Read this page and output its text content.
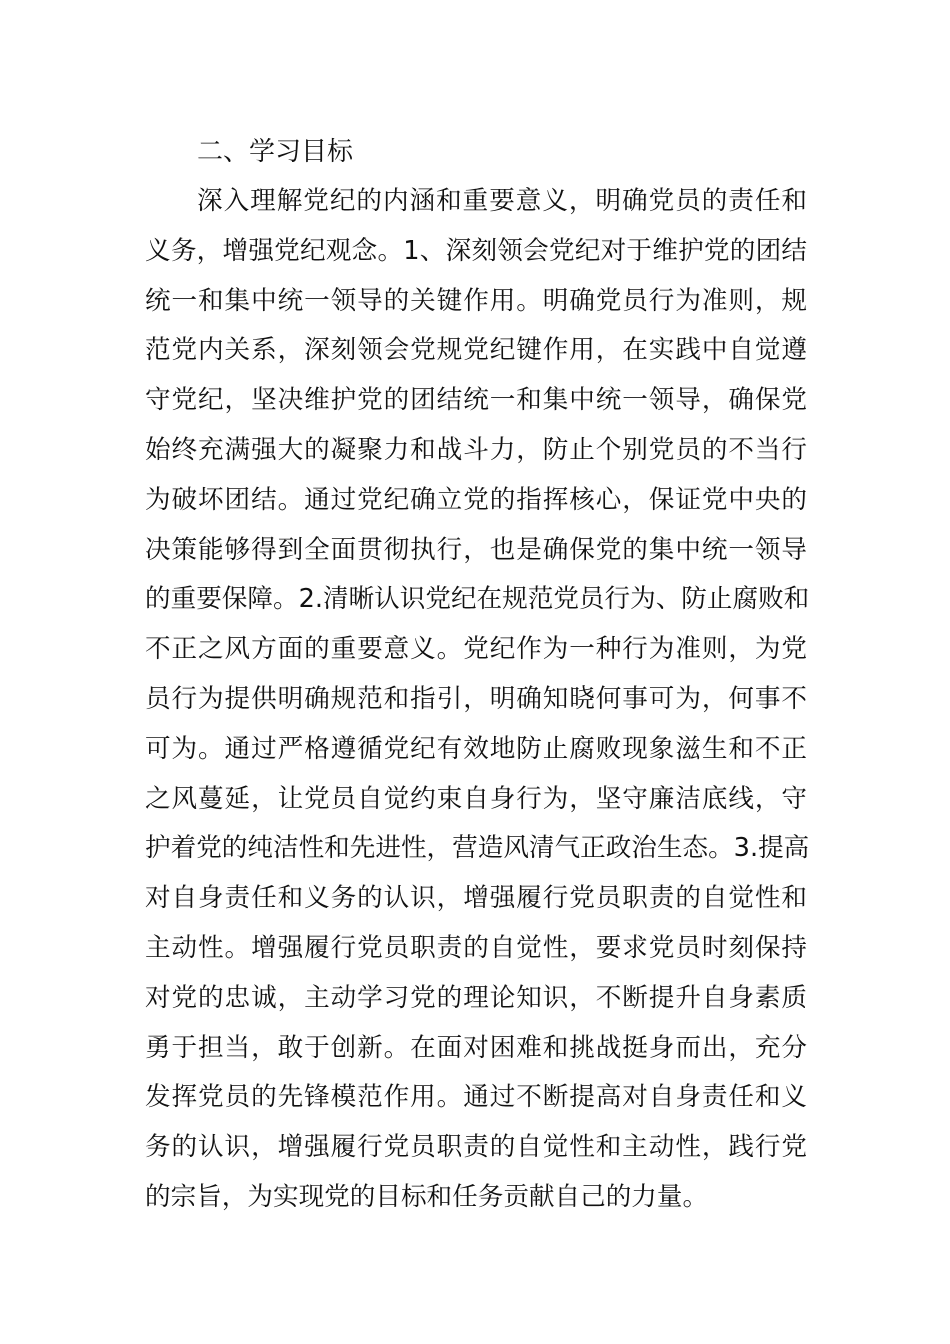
二、学习目标
深入理解党纪的内涵和重要意义，明确党员的责任和
义务，增强党纪观念。1、深刻领会党纪对于维护党的团结
统一和集中统一领导的关键作用。明确党员行为准则，规
范党内关系，深刻领会党规党纪键作用，在实践中自觉遵
守党纪，坚决维护党的团结统一和集中统一领导，确保党
始终充满强大的凝聚力和战斗力，防止个别党员的不当行
为破坏团结。通过党纪确立党的指挥核心，保证党中央的
决策能够得到全面贯彻执行，也是确保党的集中统一领导
的重要保障。2.清晰认识党纪在规范党员行为、防止腐败和
不正之风方面的重要意义。党纪作为一种行为准则，为党
员行为提供明确规范和指引，明确知晓何事可为，何事不
可为。通过严格遵循党纪有效地防止腐败现象滋生和不正
之风蔓延，让党员自觉约束自身行为，坚守廉洁底线，守
护着党的纯洁性和先进性，营造风清气正政治生态。3.提高
对自身责任和义务的认识，增强履行党员职责的自觉性和
主动性。增强履行党员职责的自觉性，要求党员时刻保持
对党的忠诚，主动学习党的理论知识，不断提升自身素质
勇于担当，敢于创新。在面对困难和挑战挺身而出，充分
发挥党员的先锋模范作用。通过不断提高对自身责任和义
务的认识，增强履行党员职责的自觉性和主动性，践行党
的宗旨，为实现党的目标和任务贡献自己的力量。
